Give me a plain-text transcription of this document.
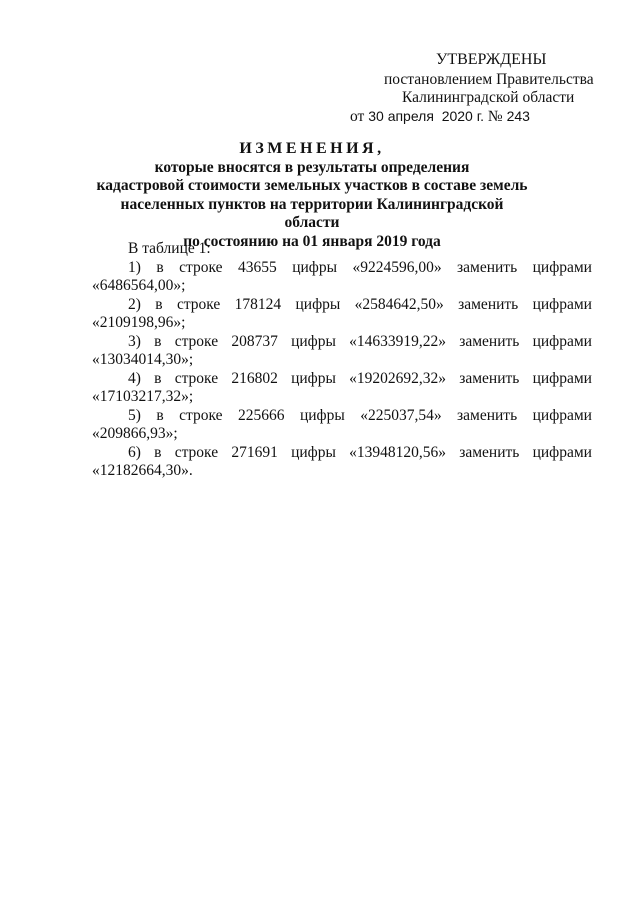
УТВЕРЖДЕНЫ
постановлением Правительства
Калининградской области
от 30 апреля 2020 г. № 243
ИЗМЕНЕНИЯ,
которые вносятся в результаты определения
кадастровой стоимости земельных участков в составе земель
населенных пунктов на территории Калининградской области
по состоянию на 01 января 2019 года
В таблице 1:
1) в строке 43655 цифры «9224596,00» заменить цифрами
«6486564,00»;
2) в строке 178124 цифры «2584642,50» заменить цифрами
«2109198,96»;
3) в строке 208737 цифры «14633919,22» заменить цифрами
«13034014,30»;
4) в строке 216802 цифры «19202692,32» заменить цифрами
«17103217,32»;
5) в строке 225666 цифры «225037,54» заменить цифрами
«209866,93»;
6) в строке 271691 цифры «13948120,56» заменить цифрами
«12182664,30».
